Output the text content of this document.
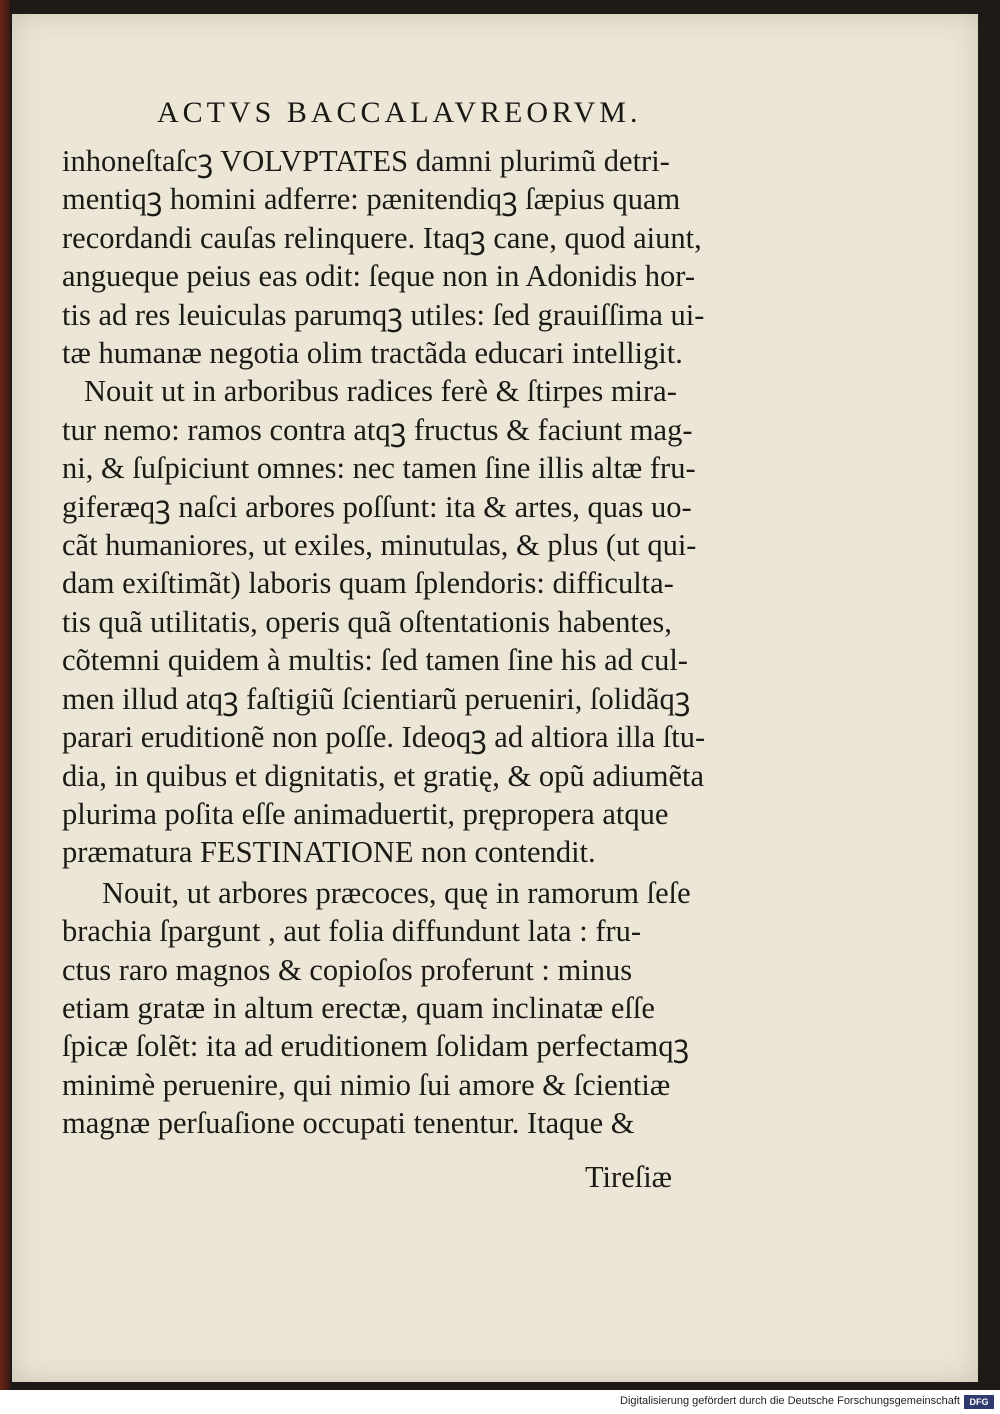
ACTVS BACCALAVREORVM.
inhoneſtaſcꝫ VOLVPTATES damni plurimũ detri-
mentiqꝫ homini adferre: pænitendiqꝫ ſæpius quam
recordandi cauſas relinquere. Itaqꝫ cane, quod aiunt,
angueque peius eas odit: ſeque non in Adonidis hor-
tis ad res leuiculas parumqꝫ utiles: ſed grauiſſima ui-
tæ humanæ negotia olim tractãda educari intelligit.
Nouit ut in arboribus radices ferè & ſtirpes mira-
tur nemo: ramos contra atqꝫ fructus & faciunt mag-
ni, & ſuſpiciunt omnes: nec tamen ſine illis altæ fru-
giferæqꝫ naſci arbores poſſunt: ita & artes, quas uo-
cãt humaniores, ut exiles, minutulas, & plus (ut qui-
dam exiſtimãt) laboris quam ſplendoris: difficulta-
tis quã utilitatis, operis quã oſtentationis habentes,
cõtemni quidem à multis: ſed tamen ſine his ad cul-
men illud atqꝫ faſtigiũ ſcientiarũ perueniri, ſolidãqꝫ
parari eruditionẽ non poſſe. Ideoqꝫ ad altiora illa ſtu-
dia, in quibus et dignitatis, et gratię, & opũ adiumẽta
plurima poſita eſſe animaduertit, pręproperа atque
præmatura FESTINATIONE non contendit.
Nouit, ut arbores præcoces, quę in ramorum ſeſe
brachia ſpargunt , aut folia diffundunt lata : fru-
ctus raro magnos & copioſos proferunt : minus
etiam gratæ in altum erectæ, quam inclinatæ eſſe
ſpicæ ſolẽt: ita ad eruditionem ſolidam perfectamqꝫ
minimè peruenire, qui nimio ſui amore & ſcientiæ
magnæ perſuaſione occupati tenentur. Itaque &
Tireſiæ
Digitalisierung gefördert durch die Deutsche Forschungsgemeinschaft	DFG
